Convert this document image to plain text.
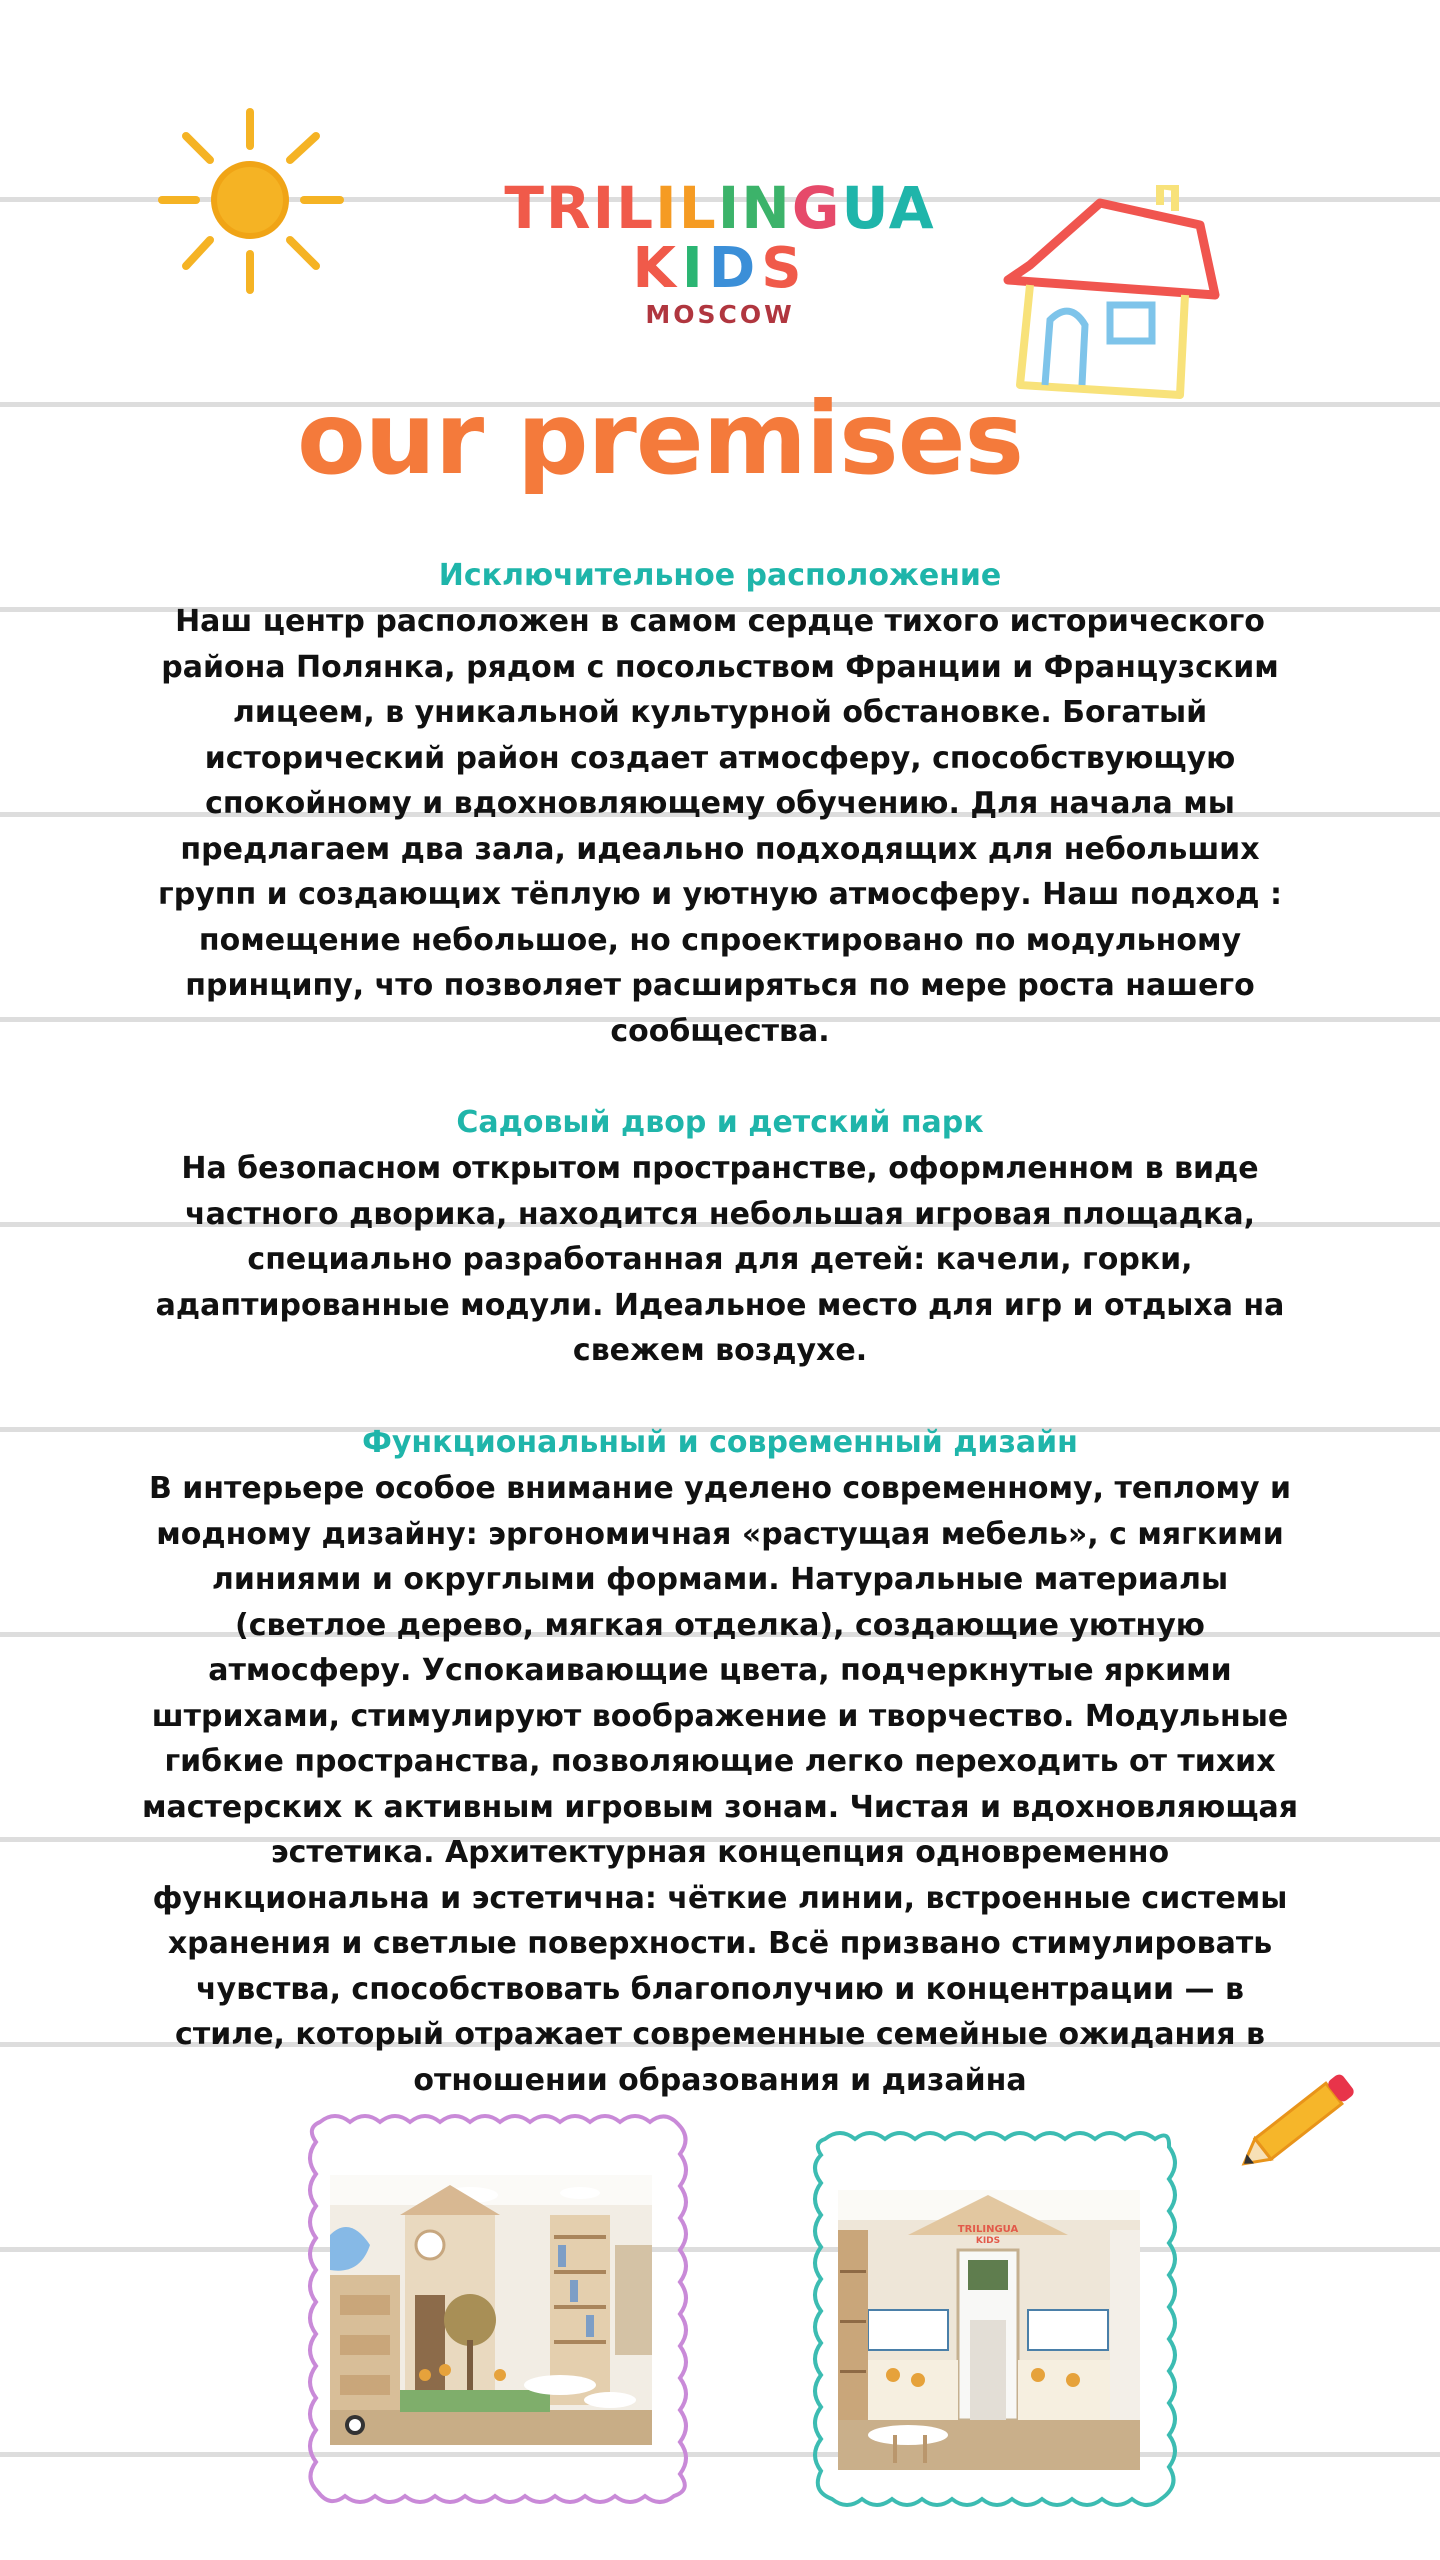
TRILILINGUA
KIDS
MOSCOW
our premises
Исключительное расположение
Наш центр расположен в самом сердце тихого исторического
района Полянка, рядом с посольством Франции и Французским
лицеем, в уникальной культурной обстановке. Богатый
исторический район создает атмосферу, способствующую
спокойному и вдохновляющему обучению. Для начала мы
предлагаем два зала, идеально подходящих для небольших
групп и создающих тёплую и уютную атмосферу. Наш подход :
помещение небольшое, но спроектировано по модульному
принципу, что позволяет расширяться по мере роста нашего
сообщества.
Садовый двор и детский парк
На безопасном открытом пространстве, оформленном в виде
частного дворика, находится небольшая игровая площадка,
специально разработанная для детей: качели, горки,
адаптированные модули. Идеальное место для игр и отдыха на
свежем воздухе.
Функциональный и современный дизайн
В интерьере особое внимание уделено современному, теплому и
модному дизайну: эргономичная «растущая мебель», с мягкими
линиями и округлыми формами. Натуральные материалы
(светлое дерево, мягкая отделка), создающие уютную
атмосферу. Успокаивающие цвета, подчеркнутые яркими
штрихами, стимулируют воображение и творчество. Модульные
гибкие пространства, позволяющие легко переходить от тихих
мастерских к активным игровым зонам. Чистая и вдохновляющая
эстетика. Архитектурная концепция одновременно
функциональна и эстетична: чёткие линии, встроенные системы
хранения и светлые поверхности. Всё призвано стимулировать
чувства, способствовать благополучию и концентрации — в
стиле, который отражает современные семейные ожидания в
отношении образования и дизайна
TRILINGUA
KIDS
